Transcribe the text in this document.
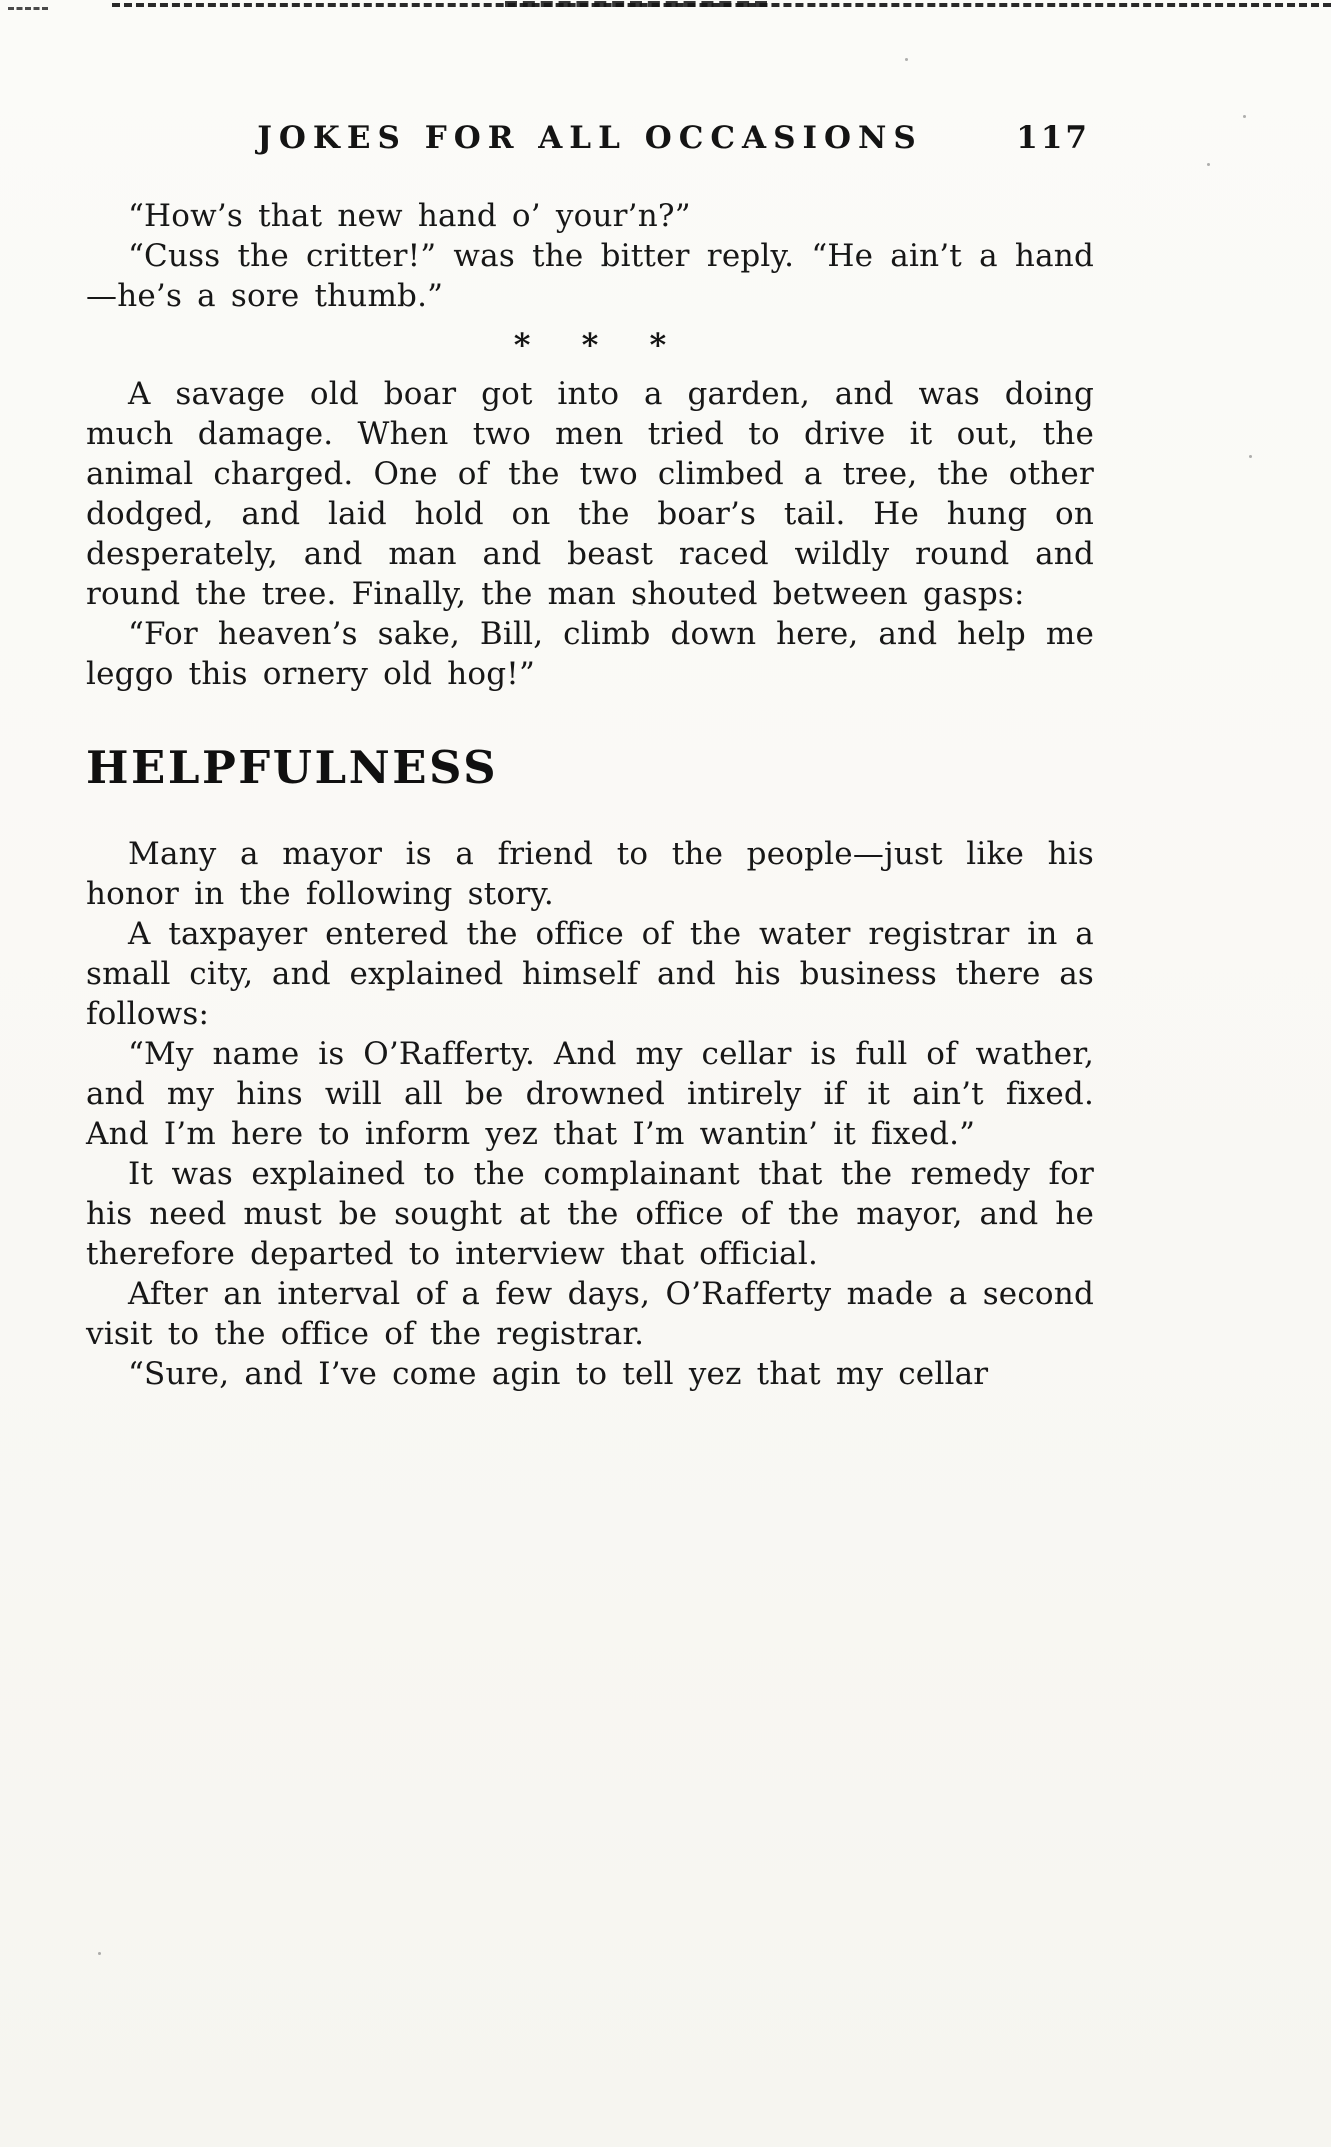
JOKES FOR ALL OCCASIONS	117

“How’s that new hand o’ your’n?”

“Cuss the critter!” was the bitter reply. “He ain’t a hand—he’s a sore thumb.”

* * *

A savage old boar got into a garden, and was doing much damage. When two men tried to drive it out, the animal charged. One of the two climbed a tree, the other dodged, and laid hold on the boar’s tail. He hung on desperately, and man and beast raced wildly round and round the tree. Finally, the man shouted between gasps:

“For heaven’s sake, Bill, climb down here, and help me leggo this ornery old hog!”

HELPFULNESS

Many a mayor is a friend to the people—just like his honor in the following story.

A taxpayer entered the office of the water registrar in a small city, and explained himself and his business there as follows:

“My name is O’Rafferty. And my cellar is full of wather, and my hins will all be drowned intirely if it ain’t fixed. And I’m here to inform yez that I’m wantin’ it fixed.”

It was explained to the complainant that the remedy for his need must be sought at the office of the mayor, and he therefore departed to interview that official.

After an interval of a few days, O’Rafferty made a second visit to the office of the registrar.

“Sure, and I’ve come agin to tell yez that my cellar
